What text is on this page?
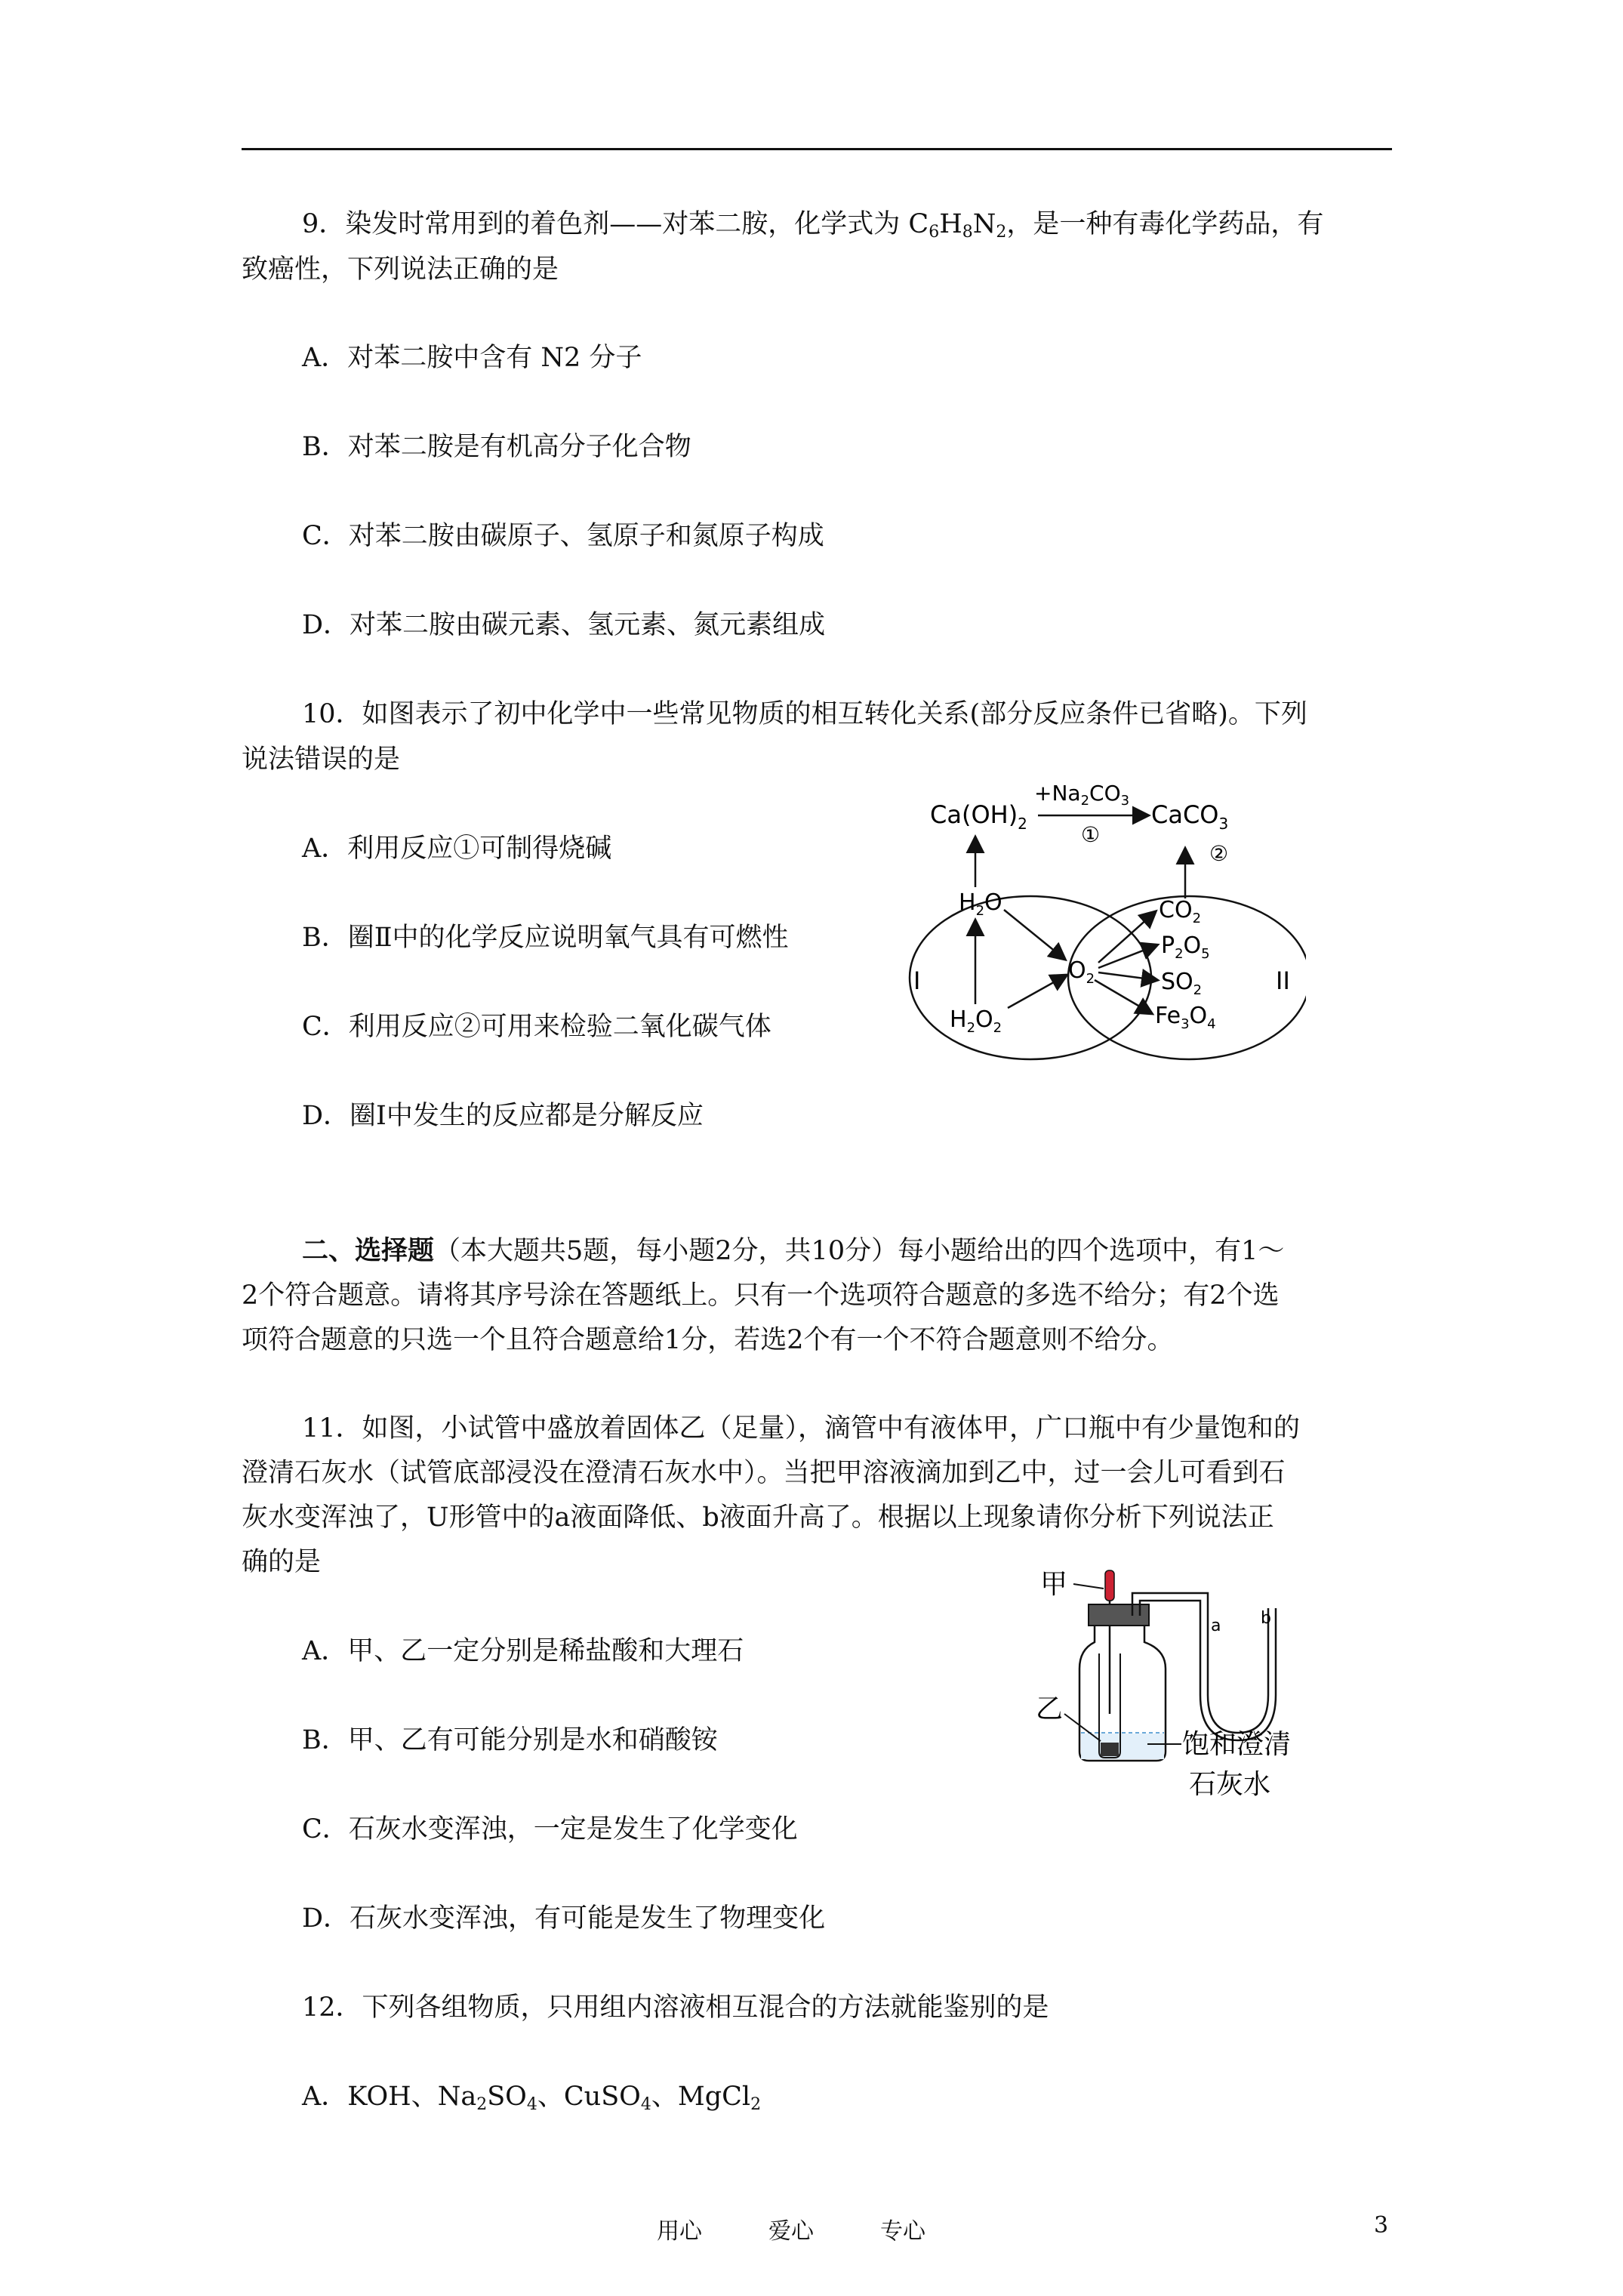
9．染发时常用到的着色剂——对苯二胺，化学式为 $C_6H_8N_2$，是一种有毒化学药品，有
致癌性，下列说法正确的是
A．对苯二胺中含有 N2 分子
B．对苯二胺是有机高分子化合物
C．对苯二胺由碳原子、氢原子和氮原子构成
D．对苯二胺由碳元素、氢元素、氮元素组成
10．如图表示了初中化学中一些常见物质的相互转化关系(部分反应条件已省略)。下列
说法错误的是
A．利用反应①可制得烧碱
B．圈Ⅱ中的化学反应说明氧气具有可燃性
C．利用反应②可用来检验二氧化碳气体
D．圈Ⅰ中发生的反应都是分解反应
$Ca(OH)_2$
$+Na_2CO_3$
①
CaCO$_3$
②
I	II
$H_2O$
$H_2O_2$
$O_2$
$CO_2$
$P_2O_5$
$SO_2$
$Fe_3O_4$
二、选择题（本大题共5题，每小题2分，共10分）每小题给出的四个选项中，有1～
2个符合题意。请将其序号涂在答题纸上。只有一个选项符合题意的多选不给分；有2个选
项符合题意的只选一个且符合题意给1分，若选2个有一个不符合题意则不给分。
11．如图，小试管中盛放着固体乙（足量），滴管中有液体甲，广口瓶中有少量饱和的
澄清石灰水（试管底部浸没在澄清石灰水中）。当把甲溶液滴加到乙中，过一会儿可看到石
灰水变浑浊了，U形管中的a液面降低、b液面升高了。根据以上现象请你分析下列说法正
确的是
A．甲、乙一定分别是稀盐酸和大理石
B．甲、乙有可能分别是水和硝酸铵
C．石灰水变浑浊，一定是发生了化学变化
D．石灰水变浑浊，有可能是发生了物理变化
甲
乙
a b
饱和澄清
石灰水
12．下列各组物质，只用组内溶液相互混合的方法就能鉴别的是
A．KOH、$Na_2SO_4$、CuSO$_4$、MgCl$_2$
用心	爱心	专心	3
